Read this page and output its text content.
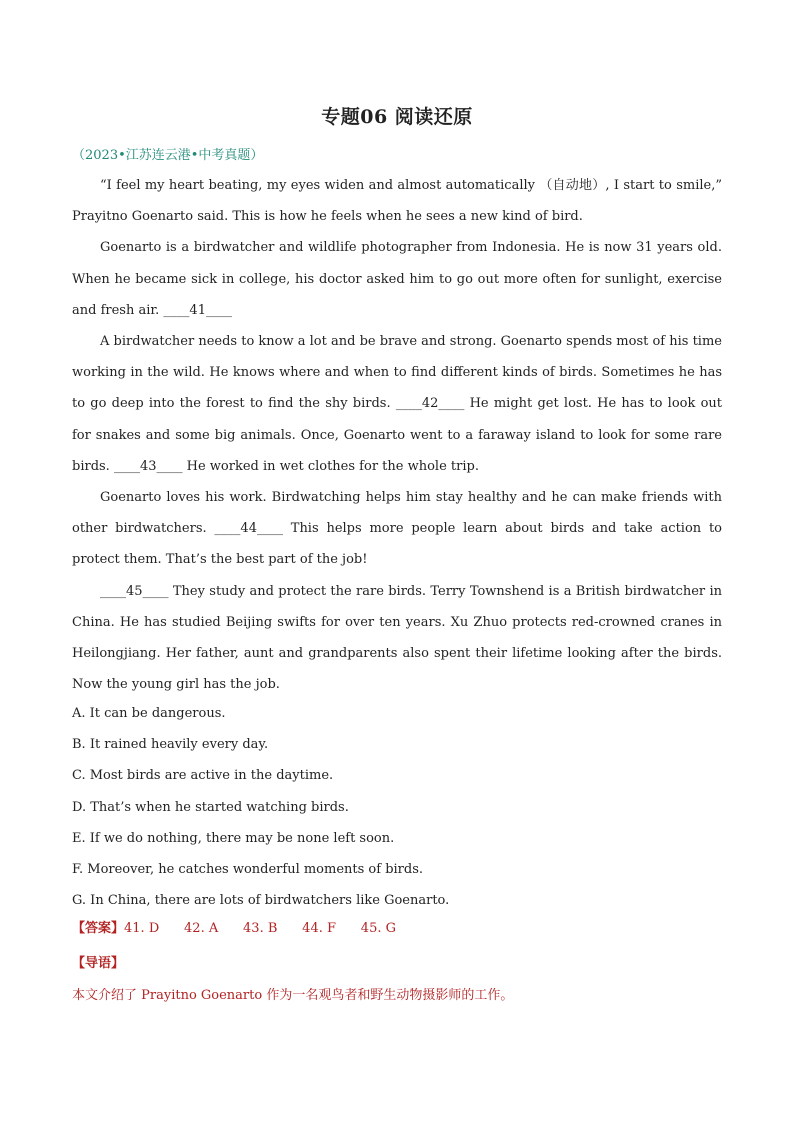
专题06 阅读还原
（2023•江苏连云港•中考真题）

“I feel my heart beating, my eyes widen and almost automatically （自动地）, I start to smile,” Prayitno Goenarto said. This is how he feels when he sees a new kind of bird.

Goenarto is a birdwatcher and wildlife photographer from Indonesia. He is now 31 years old. When he became sick in college, his doctor asked him to go out more often for sunlight, exercise and fresh air. ____41____

A birdwatcher needs to know a lot and be brave and strong. Goenarto spends most of his time working in the wild. He knows where and when to find different kinds of birds. Sometimes he has to go deep into the forest to find the shy birds. ____42____ He might get lost. He has to look out for snakes and some big animals. Once, Goenarto went to a faraway island to look for some rare birds. ____43____ He worked in wet clothes for the whole trip.

Goenarto loves his work. Birdwatching helps him stay healthy and he can make friends with other birdwatchers. ____44____ This helps more people learn about birds and take action to protect them. That’s the best part of the job!

____45____ They study and protect the rare birds. Terry Townshend is a British birdwatcher in China. He has studied Beijing swifts for over ten years. Xu Zhuo protects red-crowned cranes in Heilongjiang. Her father, aunt and grandparents also spent their lifetime looking after the birds. Now the young girl has the job.

A. It can be dangerous.
B. It rained heavily every day.
C. Most birds are active in the daytime.
D. That’s when he started watching birds.
E. If we do nothing, there may be none left soon.
F. Moreover, he catches wonderful moments of birds.
G. In China, there are lots of birdwatchers like Goenarto.
【答案】41. D      42. A      43. B      44. F      45. G
【导语】
本文介绍了 Prayitno Goenarto 作为一名观鸟者和野生动物摄影师的工作。
